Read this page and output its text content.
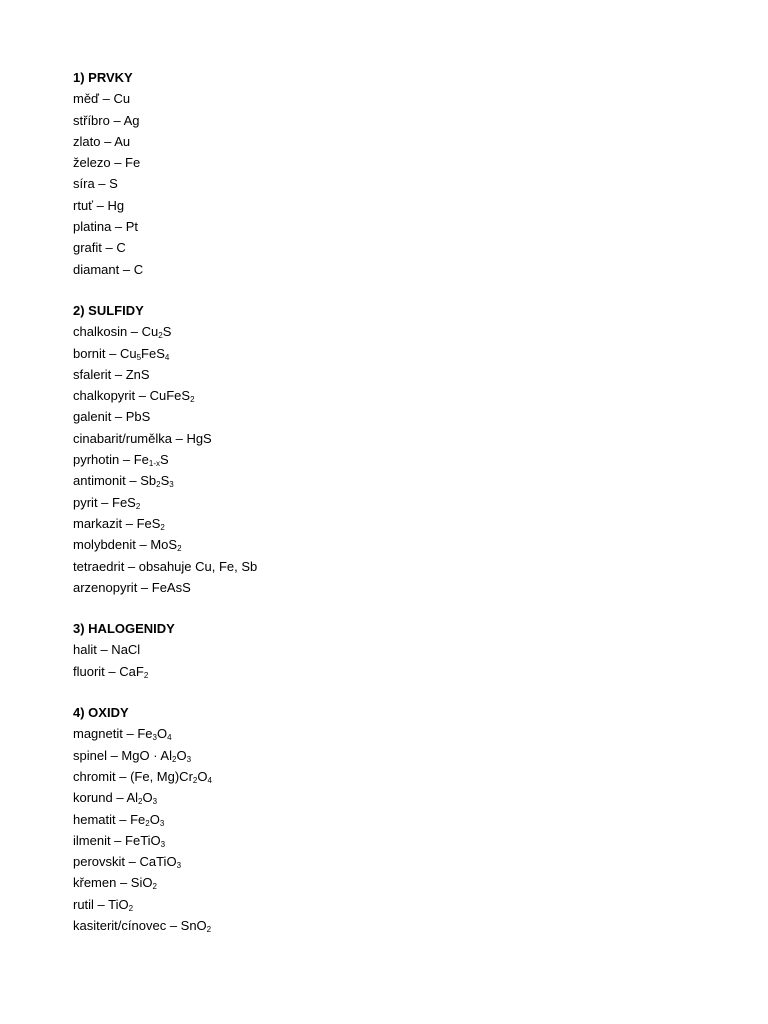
1) PRVKY
měď – Cu
stříbro – Ag
zlato – Au
železo – Fe
síra – S
rtuť – Hg
platina – Pt
grafit – C
diamant – C
2) SULFIDY
chalkosin – $Cu_2S$
bornit – $Cu_5FeS_4$
sfalerit – ZnS
chalkopyrit – CuFeS$_2$
galenit – PbS
cinabarit/rumělka – HgS
pyrhotin – $Fe_{1-x}S$
antimonit – $Sb_2S_3$
pyrit – FeS$_2$
markazit – FeS$_2$
molybdenit – MoS$_2$
tetraedrit – obsahuje Cu, Fe, Sb
arzenopyrit – FeAsS
3) HALOGENIDY
halit – NaCl
fluorit – CaF$_2$
4) OXIDY
magnetit – $Fe_3O_4$
spinel – MgO · $Al_2O_3$
chromit – (Fe, $Mg)Cr_2O_4$
korund – $Al_2O_3$
hematit – $Fe_2O_3$
ilmenit – FeTiO$_3$
perovskit – CaTiO$_3$
křemen – SiO$_2$
rutil – TiO$_2$
kasiterit/cínovec – SnO$_2$
